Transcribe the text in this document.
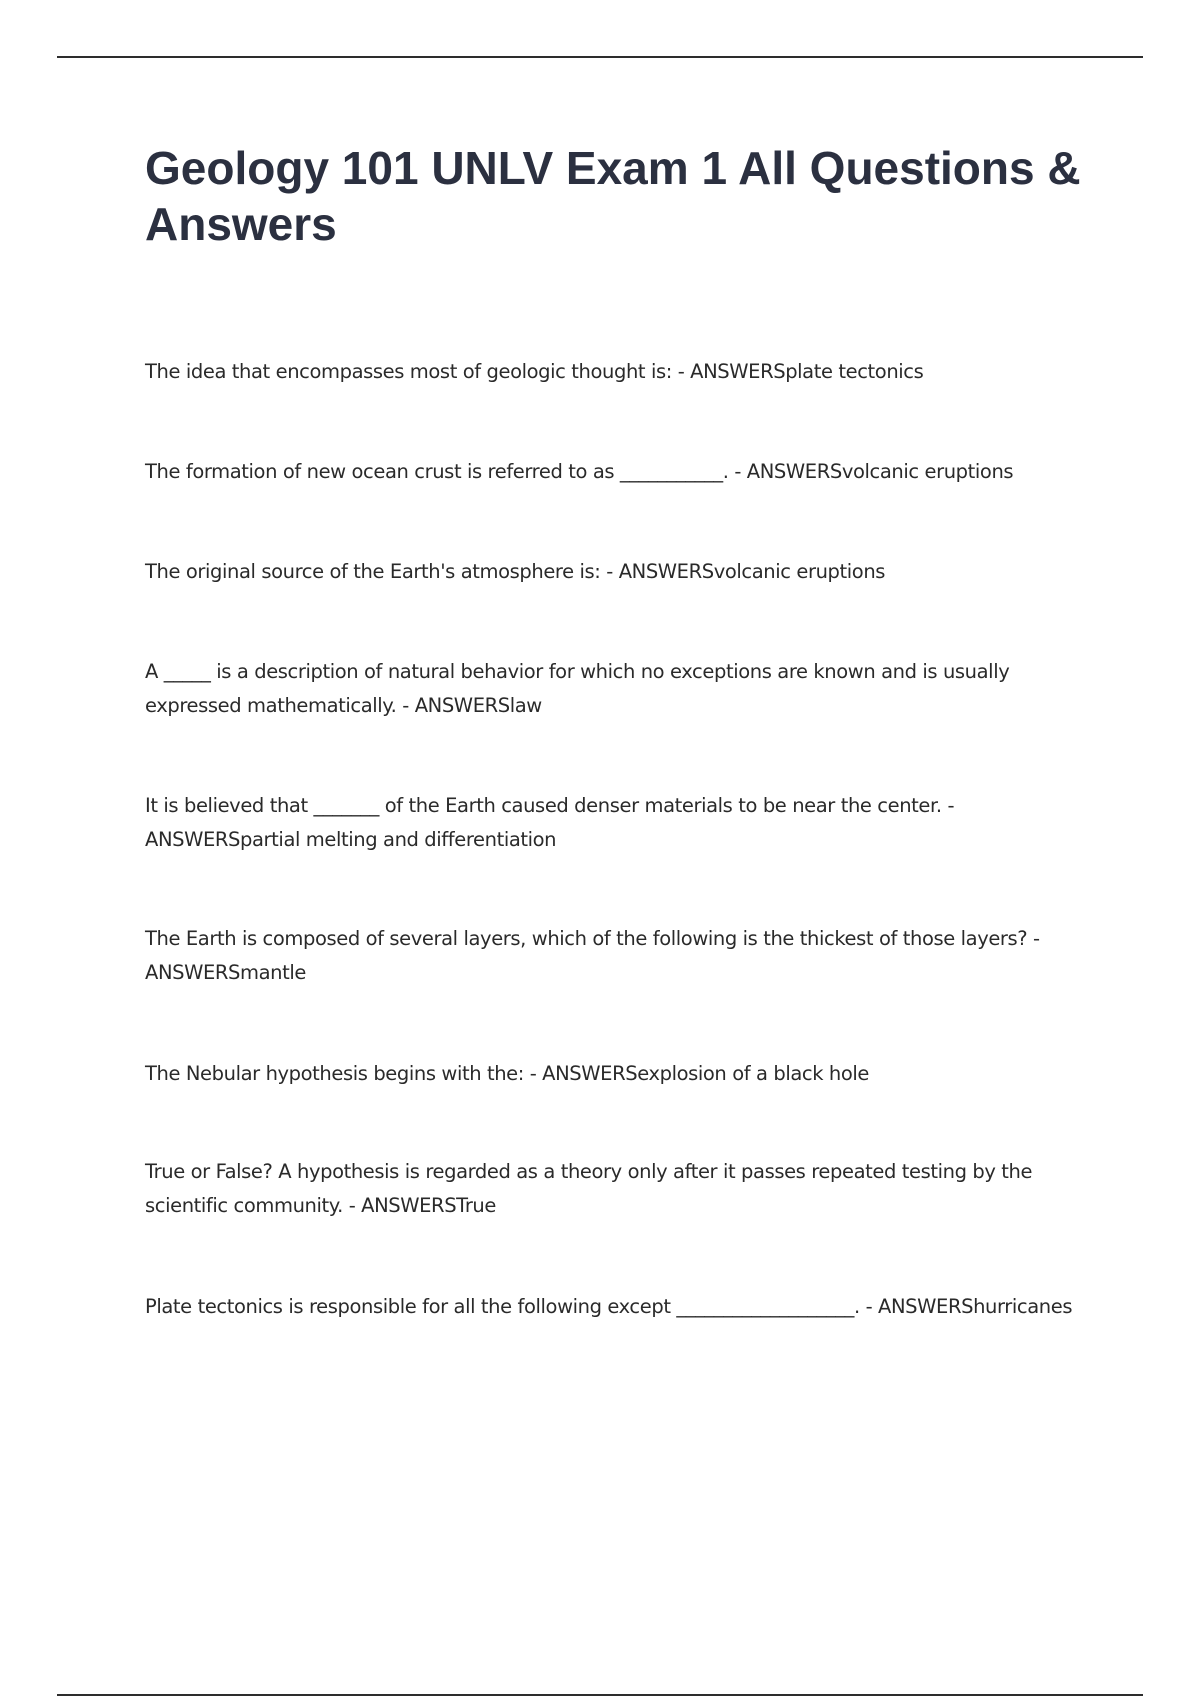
Geology 101 UNLV Exam 1 All Questions & Answers

The idea that encompasses most of geologic thought is: - ANSWERSplate tectonics

The formation of new ocean crust is referred to as ___________. - ANSWERSvolcanic eruptions

The original source of the Earth's atmosphere is: - ANSWERSvolcanic eruptions

A _____ is a description of natural behavior for which no exceptions are known and is usually expressed mathematically. - ANSWERSlaw

It is believed that _______ of the Earth caused denser materials to be near the center. - ANSWERSpartial melting and differentiation

The Earth is composed of several layers, which of the following is the thickest of those layers? - ANSWERSmantle

The Nebular hypothesis begins with the: - ANSWERSexplosion of a black hole

True or False? A hypothesis is regarded as a theory only after it passes repeated testing by the scientific community. - ANSWERSTrue

Plate tectonics is responsible for all the following except ___________________. - ANSWERShurricanes
